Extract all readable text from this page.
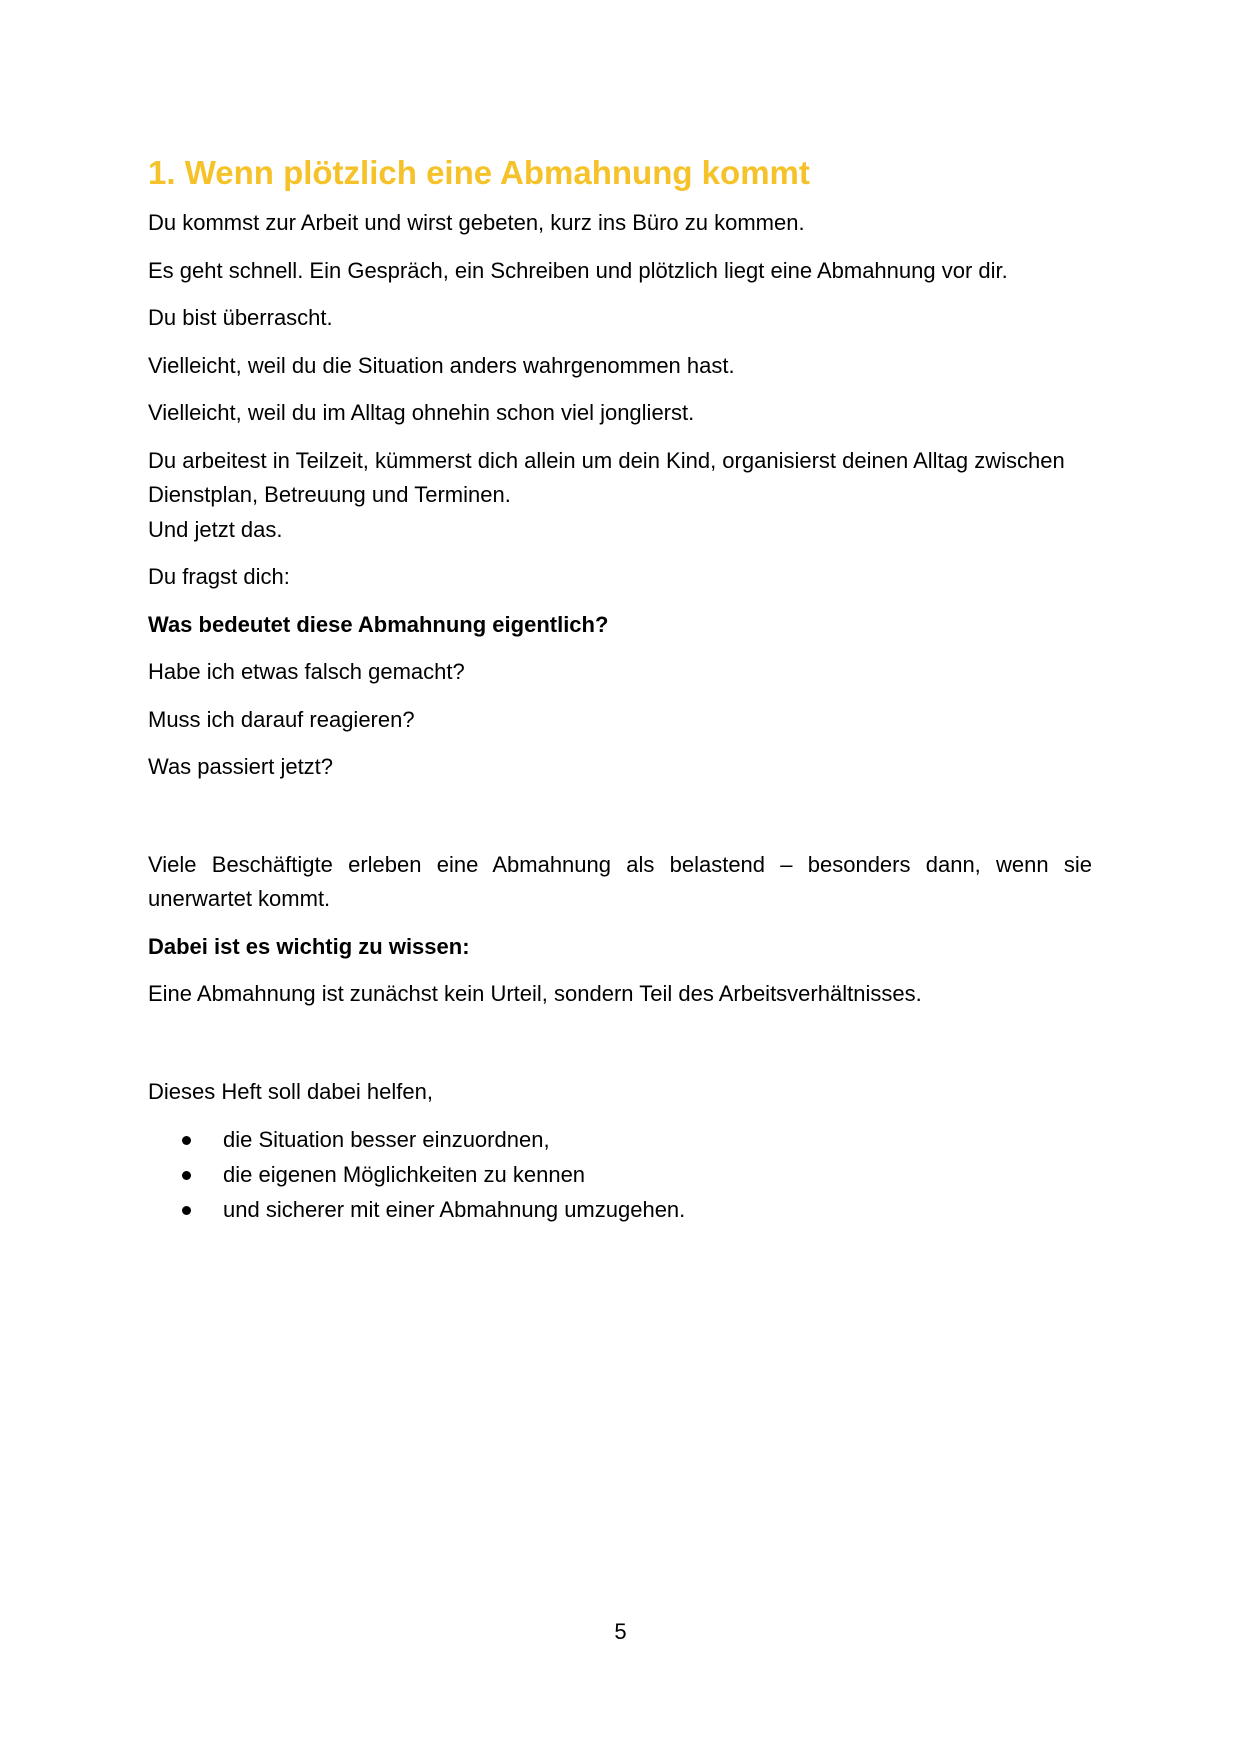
1. Wenn plötzlich eine Abmahnung kommt

Du kommst zur Arbeit und wirst gebeten, kurz ins Büro zu kommen.

Es geht schnell. Ein Gespräch, ein Schreiben und plötzlich liegt eine Abmahnung vor dir.

Du bist überrascht.

Vielleicht, weil du die Situation anders wahrgenommen hast.

Vielleicht, weil du im Alltag ohnehin schon viel jonglierst.

Du arbeitest in Teilzeit, kümmerst dich allein um dein Kind, organisierst deinen Alltag zwischen Dienstplan, Betreuung und Terminen.
Und jetzt das.

Du fragst dich:

Was bedeutet diese Abmahnung eigentlich?

Habe ich etwas falsch gemacht?

Muss ich darauf reagieren?

Was passiert jetzt?

Viele Beschäftigte erleben eine Abmahnung als belastend – besonders dann, wenn sie unerwartet kommt.

Dabei ist es wichtig zu wissen:

Eine Abmahnung ist zunächst kein Urteil, sondern Teil des Arbeitsverhältnisses.

Dieses Heft soll dabei helfen,

die Situation besser einzuordnen,
die eigenen Möglichkeiten zu kennen
und sicherer mit einer Abmahnung umzugehen.
5
